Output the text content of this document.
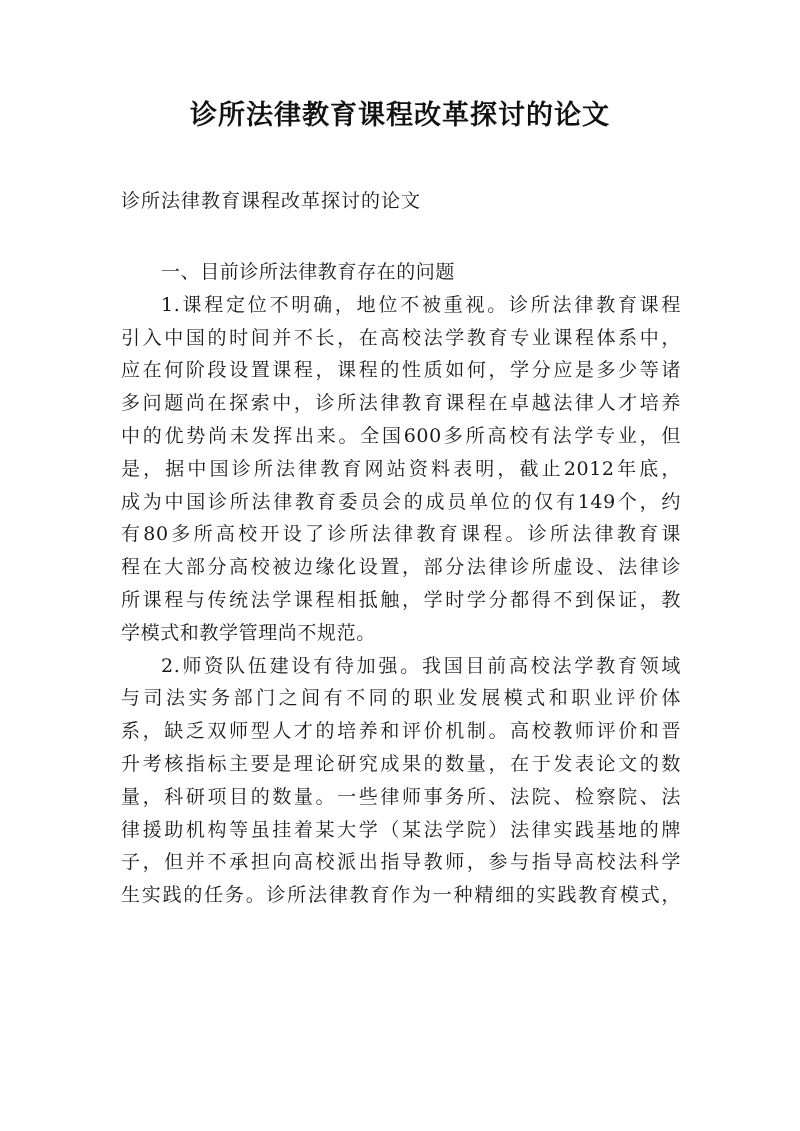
诊所法律教育课程改革探讨的论文
诊所法律教育课程改革探讨的论文
一、目前诊所法律教育存在的问题
1.课程定位不明确，地位不被重视。诊所法律教育课程
引入中国的时间并不长，在高校法学教育专业课程体系中，
应在何阶段设置课程，课程的性质如何，学分应是多少等诸
多问题尚在探索中，诊所法律教育课程在卓越法律人才培养
中的优势尚未发挥出来。全国600多所高校有法学专业，但
是，据中国诊所法律教育网站资料表明，截止2012年底，
成为中国诊所法律教育委员会的成员单位的仅有149个，约
有80多所高校开设了诊所法律教育课程。诊所法律教育课
程在大部分高校被边缘化设置，部分法律诊所虚设、法律诊
所课程与传统法学课程相抵触，学时学分都得不到保证，教
学模式和教学管理尚不规范。
2.师资队伍建设有待加强。我国目前高校法学教育领域
与司法实务部门之间有不同的职业发展模式和职业评价体
系，缺乏双师型人才的培养和评价机制。高校教师评价和晋
升考核指标主要是理论研究成果的数量，在于发表论文的数
量，科研项目的数量。一些律师事务所、法院、检察院、法
律援助机构等虽挂着某大学（某法学院）法律实践基地的牌
子，但并不承担向高校派出指导教师，参与指导高校法科学
生实践的任务。诊所法律教育作为一种精细的实践教育模式，
